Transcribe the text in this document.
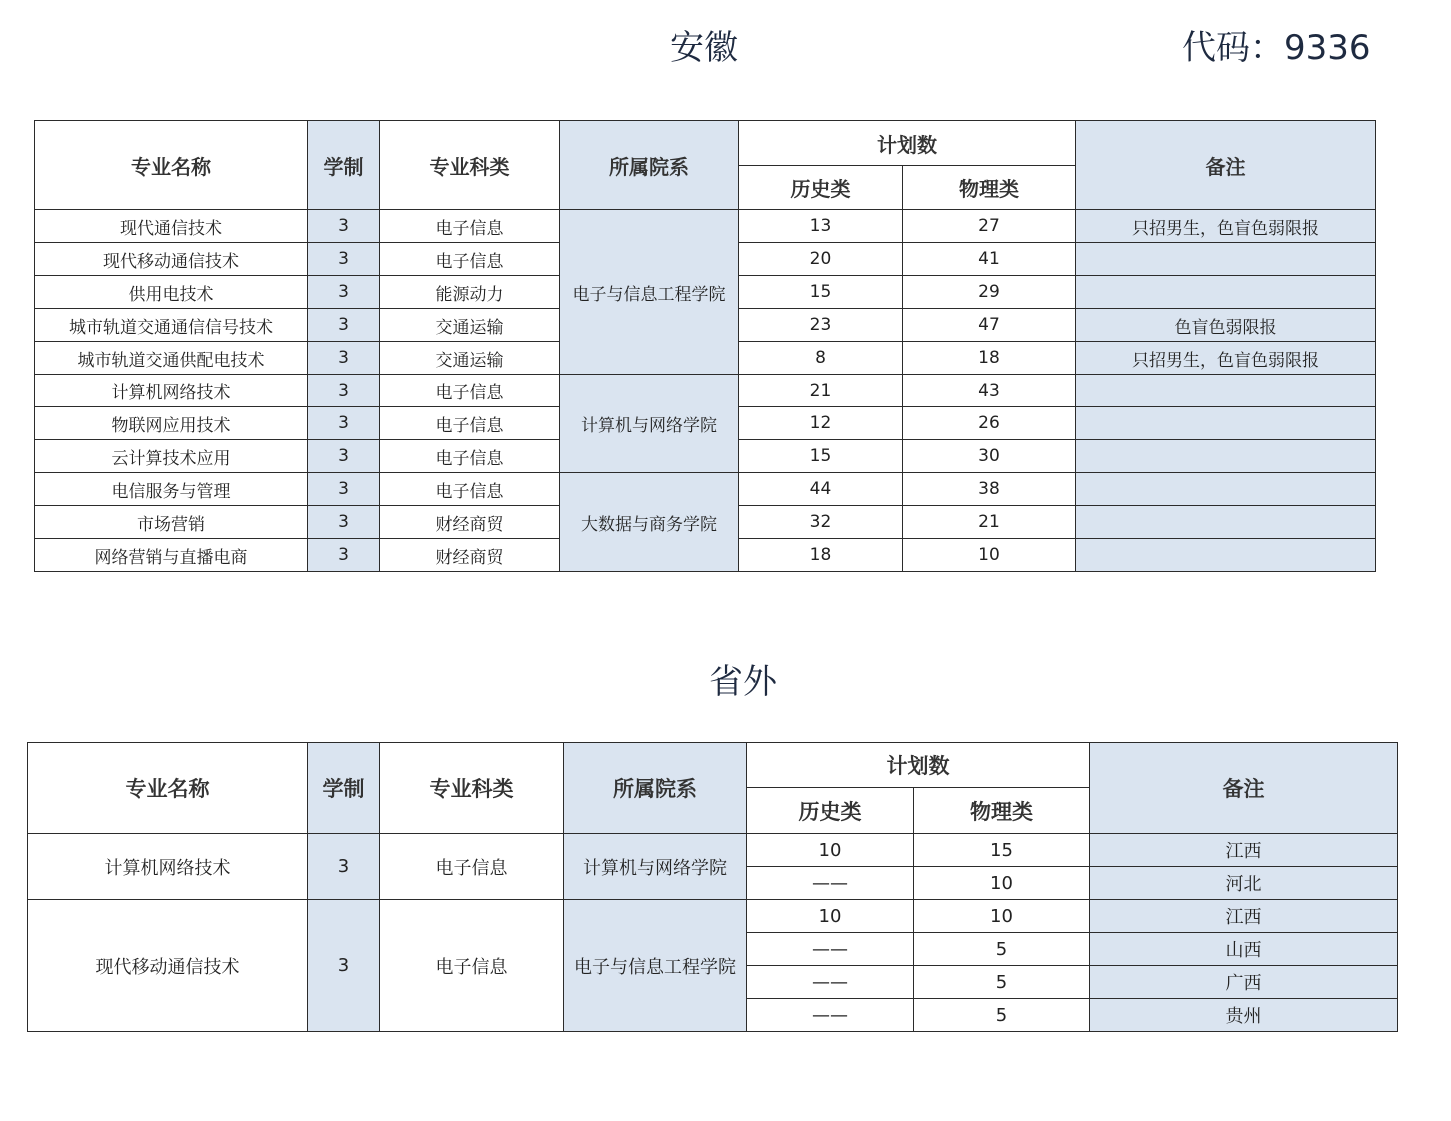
安徽	代码：9336
专业名称	学制	专业科类	所属院系	计划数		备注
				历史类	物理类	
现代通信技术	3	电子信息	电子与信息工程学院	13	27	只招男生，色盲色弱限报
现代移动通信技术	3	电子信息		20	41	
供用电技术	3	能源动力		15	29	
城市轨道交通通信信号技术	3	交通运输		23	47	色盲色弱限报
城市轨道交通供配电技术	3	交通运输		8	18	只招男生，色盲色弱限报
计算机网络技术	3	电子信息	计算机与网络学院	21	43	
物联网应用技术	3	电子信息		12	26	
云计算技术应用	3	电子信息		15	30	
电信服务与管理	3	电子信息	大数据与商务学院	44	38	
市场营销	3	财经商贸		32	21	
网络营销与直播电商	3	财经商贸		18	10	
省外
专业名称	学制	专业科类	所属院系	计划数		备注
				历史类	物理类	
计算机网络技术	3	电子信息	计算机与网络学院	10	15	江西
				——	10	河北
现代移动通信技术	3	电子信息	电子与信息工程学院	10	10	江西
				——	5	山西
				——	5	广西
				——	5	贵州
